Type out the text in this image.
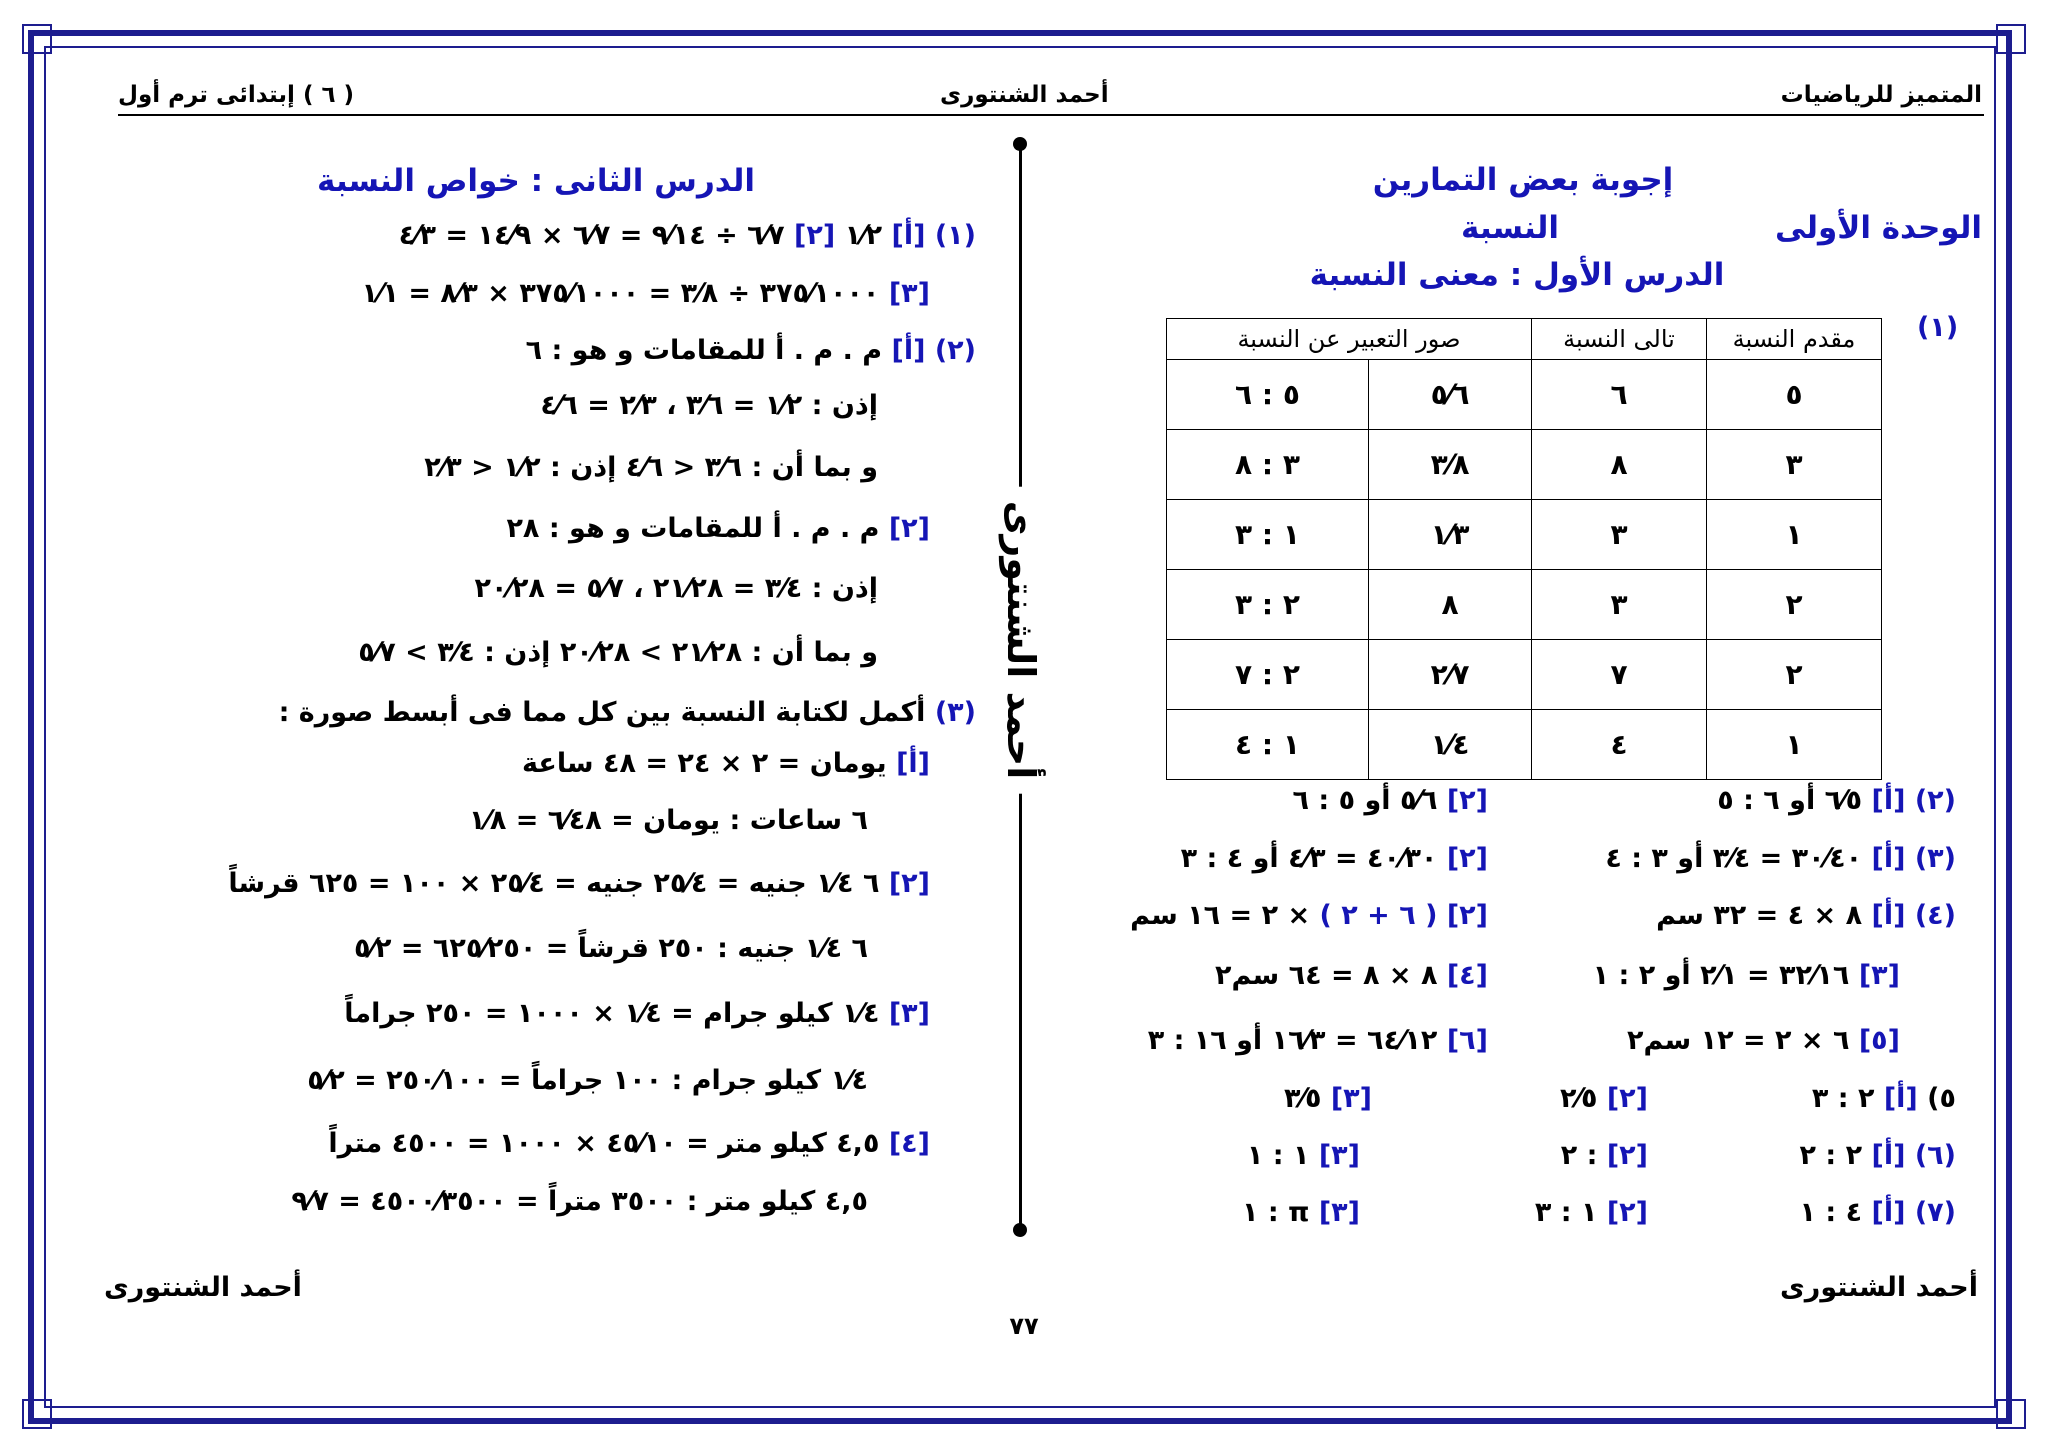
المتميز للرياضيات
أحمد الشنتورى
( ٦ ) إبتدائى ترم أول
أحمد الشنتورى
إجوبة بعض التمارين
الوحدة الأولى
النسبة
الدرس الأول : معنى النسبة
(١)
مقدم النسبة	تالى النسبة	صور التعبير عن النسبة	
٥	٦	٥⁄٦	٥ : ٦
٣	٨	٣⁄٨	٣ : ٨
١	٣	١⁄٣	١ : ٣
٢	٣	٨	٢ : ٣
٢	٧	٢⁄٧	٢ : ٧
١	٤	١⁄٤	١ : ٤
(٢) [أ] ٦⁄٥ أو ٦ : ٥
[٢] ٥⁄٦ أو ٥ : ٦
(٣) [أ] ٣٠⁄٤٠ = ٣⁄٤ أو ٣ : ٤
[٢] ٤٠⁄٣٠ = ٤⁄٣ أو ٤ : ٣
(٤) [أ] ٨ × ٤ = ٣٢ سم
[٢] ( ٦ + ٢ ) × ٢ = ١٦ سم
[٣] ٣٢⁄١٦ = ٢⁄١ أو ٢ : ١
[٤] ٨ × ٨ = ٦٤ سم٢
[٥] ٦ × ٢ = ١٢ سم٢
[٦] ٦٤⁄١٢ = ١٦⁄٣ أو ١٦ : ٣
٥) [أ] ٢ : ٣
[٢] ٢⁄٥
[٣] ٣⁄٥
(٦) [أ] ٢ : ٢
[٢] : ٢
[٣] ١ : ١
(٧) [أ] ٤ : ١
[٢] ١ : ٣
[٣] π : ١
الدرس الثانى : خواص النسبة
(١) [أ] ١⁄٢ [٢] ٦⁄٧ ÷ ٩⁄١٤ = ٦⁄٧ × ١٤⁄٩ = ٤⁄٣
[٣] ٣٧٥⁄١٠٠٠ ÷ ٣⁄٨ = ٣٧٥⁄١٠٠٠ × ٨⁄٣ = ١⁄١
(٢) [أ] م . م . أ للمقامات و هو : ٦
إذن : ١⁄٢ = ٣⁄٦ ، ٢⁄٣ = ٤⁄٦
و بما أن : ٣⁄٦ < ٤⁄٦ إذن : ١⁄٢ < ٢⁄٣
[٢] م . م . أ للمقامات و هو : ٢٨
إذن : ٣⁄٤ = ٢١⁄٢٨ ، ٥⁄٧ = ٢٠⁄٢٨
و بما أن : ٢١⁄٢٨ > ٢٠⁄٢٨ إذن : ٣⁄٤ > ٥⁄٧
(٣) أكمل لكتابة النسبة بين كل مما فى أبسط صورة :
[أ] يومان = ٢ × ٢٤ = ٤٨ ساعة
٦ ساعات : يومان = ٦⁄٤٨ = ١⁄٨
[٢] ٦ ١⁄٤ جنيه = ٢٥⁄٤ جنيه = ٢٥⁄٤ × ١٠٠ = ٦٢٥ قرشاً
٦ ١⁄٤ جنيه : ٢٥٠ قرشاً = ٦٢٥⁄٢٥٠ = ٥⁄٢
[٣] ١⁄٤ كيلو جرام = ١⁄٤ × ١٠٠٠ = ٢٥٠ جراماً
١⁄٤ كيلو جرام : ١٠٠ جراماً = ٢٥٠⁄١٠٠ = ٥⁄٢
[٤] ٤,٥ كيلو متر = ٤٥⁄١٠ × ١٠٠٠ = ٤٥٠٠ متراً
٤,٥ كيلو متر : ٣٥٠٠ متراً = ٤٥٠٠⁄٣٥٠٠ = ٩⁄٧
أحمد الشنتورى
أحمد الشنتورى
٧٧
